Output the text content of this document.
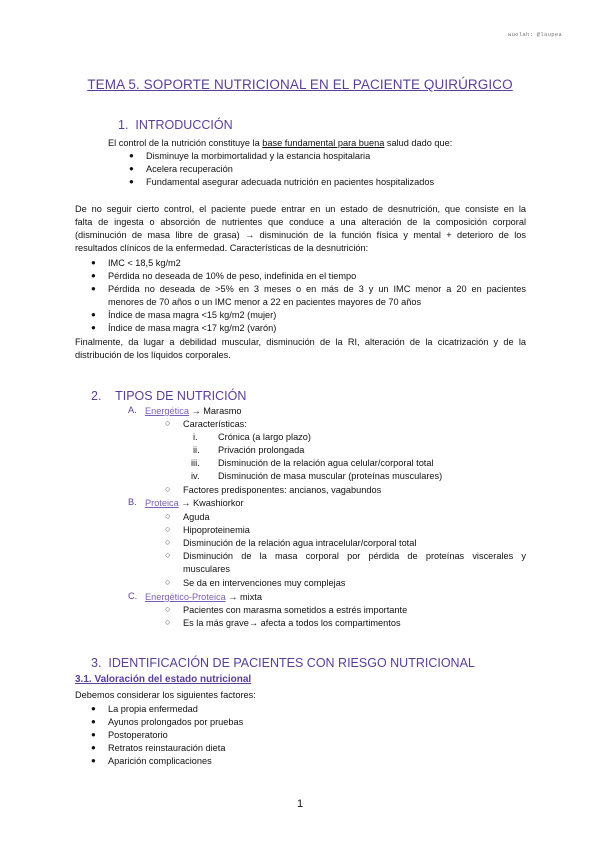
wuolah: @laupea
TEMA 5. SOPORTE NUTRICIONAL EN EL PACIENTE QUIRÚRGICO
1. INTRODUCCIÓN
El control de la nutrición constituye la base fundamental para buena salud dado que:
● Disminuye la morbimortalidad y la estancia hospitalaria
● Acelera recuperación
● Fundamental asegurar adecuada nutrición en pacientes hospitalizados
De no seguir cierto control, el paciente puede entrar en un estado de desnutrición, que consiste en la
falta de ingesta o absorción de nutrientes que conduce a una alteración de la composición corporal
(disminución de masa libre de grasa) → disminución de la función física y mental + deterioro de los
resultados clínicos de la enfermedad. Características de la desnutrición:
● IMC < 18,5 kg/m2
● Pérdida no deseada de 10% de peso, indefinida en el tiempo
● Pérdida no deseada de >5% en 3 meses o en más de 3 y un IMC menor a 20 en pacientes
menores de 70 años o un IMC menor a 22 en pacientes mayores de 70 años
● Índice de masa magra <15 kg/m2 (mujer)
● Índice de masa magra <17 kg/m2 (varón)
Finalmente, da lugar a debilidad muscular, disminución de la RI, alteración de la cicatrización y de la
distribución de los líquidos corporales.
2. TIPOS DE NUTRICIÓN
A. Energética → Marasmo
○ Características:
i. Crónica (a largo plazo)
ii. Privación prolongada
iii. Disminución de la relación agua celular/corporal total
iv. Disminución de masa muscular (proteínas musculares)
○ Factores predisponentes: ancianos, vagabundos
B. Proteica → Kwashiorkor
○ Aguda
○ Hipoproteinemia
○ Disminución de la relación agua intracelular/corporal total
○ Disminución de la masa corporal por pérdida de proteínas viscerales y
musculares
○ Se da en intervenciones muy complejas
C. Energético-Proteica → mixta
○ Pacientes con marasma sometidos a estrés importante
○ Es la más grave→ afecta a todos los compartimentos
3. IDENTIFICACIÓN DE PACIENTES CON RIESGO NUTRICIONAL
3.1. Valoración del estado nutricional
Debemos considerar los siguientes factores:
● La propia enfermedad
● Ayunos prolongados por pruebas
● Postoperatorio
● Retratos reinstauración dieta
● Aparición complicaciones
1
